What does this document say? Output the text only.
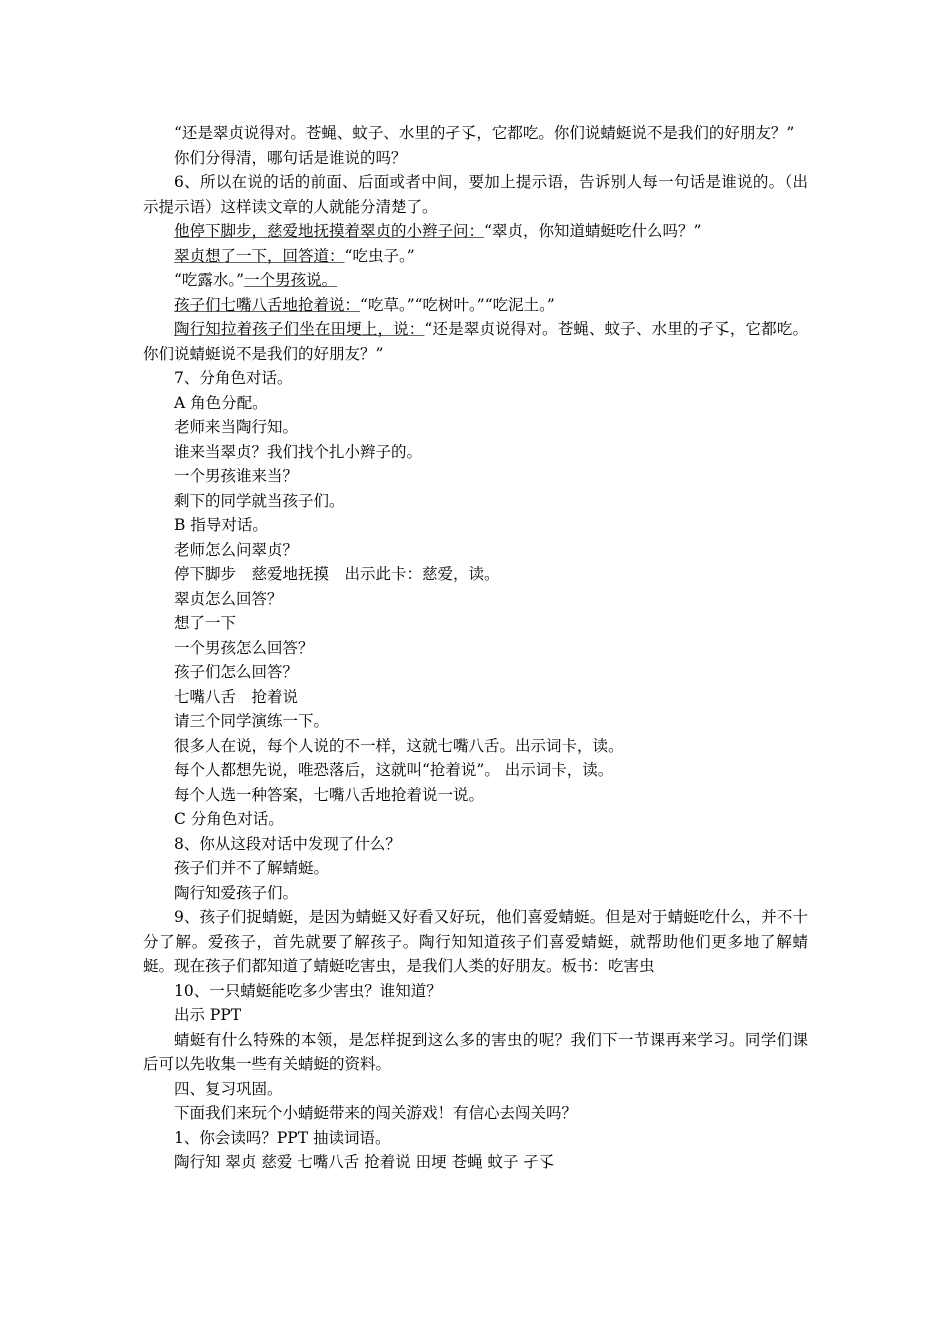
“还是翠贞说得对。苍蝇、蚊子、水里的孑孓，它都吃。你们说蜻蜓说不是我们的好朋友？”

你们分得清，哪句话是谁说的吗？

6、所以在说的话的前面、后面或者中间，要加上提示语，告诉别人每一句话是谁说的。（出示提示语）这样读文章的人就能分清楚了。

他停下脚步，慈爱地抚摸着翠贞的小辫子问：“翠贞，你知道蜻蜓吃什么吗？”

翠贞想了一下，回答道：“吃虫子。”

“吃露水。”一个男孩说。

孩子们七嘴八舌地抢着说：“吃草。”“吃树叶。”“吃泥土。”

陶行知拉着孩子们坐在田埂上，说：“还是翠贞说得对。苍蝇、蚊子、水里的孑孓，它都吃。你们说蜻蜓说不是我们的好朋友？”

7、分角色对话。

A 角色分配。

老师来当陶行知。

谁来当翠贞？我们找个扎小辫子的。

一个男孩谁来当？

剩下的同学就当孩子们。

B 指导对话。

老师怎么问翠贞？

停下脚步　慈爱地抚摸　出示此卡：慈爱，读。

翠贞怎么回答？

想了一下

一个男孩怎么回答？

孩子们怎么回答？

七嘴八舌　抢着说

请三个同学演练一下。

很多人在说，每个人说的不一样，这就七嘴八舌。出示词卡，读。

每个人都想先说，唯恐落后，这就叫“抢着说”。 出示词卡，读。

每个人选一种答案，七嘴八舌地抢着说一说。

C 分角色对话。

8、你从这段对话中发现了什么？

孩子们并不了解蜻蜓。

陶行知爱孩子们。

9、孩子们捉蜻蜓，是因为蜻蜓又好看又好玩，他们喜爱蜻蜓。但是对于蜻蜓吃什么，并不十分了解。爱孩子，首先就要了解孩子。陶行知知道孩子们喜爱蜻蜓，就帮助他们更多地了解蜻蜓。现在孩子们都知道了蜻蜓吃害虫，是我们人类的好朋友。板书：吃害虫

10、一只蜻蜓能吃多少害虫？谁知道？

出示 PPT

蜻蜓有什么特殊的本领，是怎样捉到这么多的害虫的呢？我们下一节课再来学习。同学们课后可以先收集一些有关蜻蜓的资料。

四、复习巩固。

下面我们来玩个小蜻蜓带来的闯关游戏！有信心去闯关吗？

1、你会读吗？PPT 抽读词语。

陶行知 翠贞 慈爱 七嘴八舌 抢着说 田埂 苍蝇 蚊子 孑孓
